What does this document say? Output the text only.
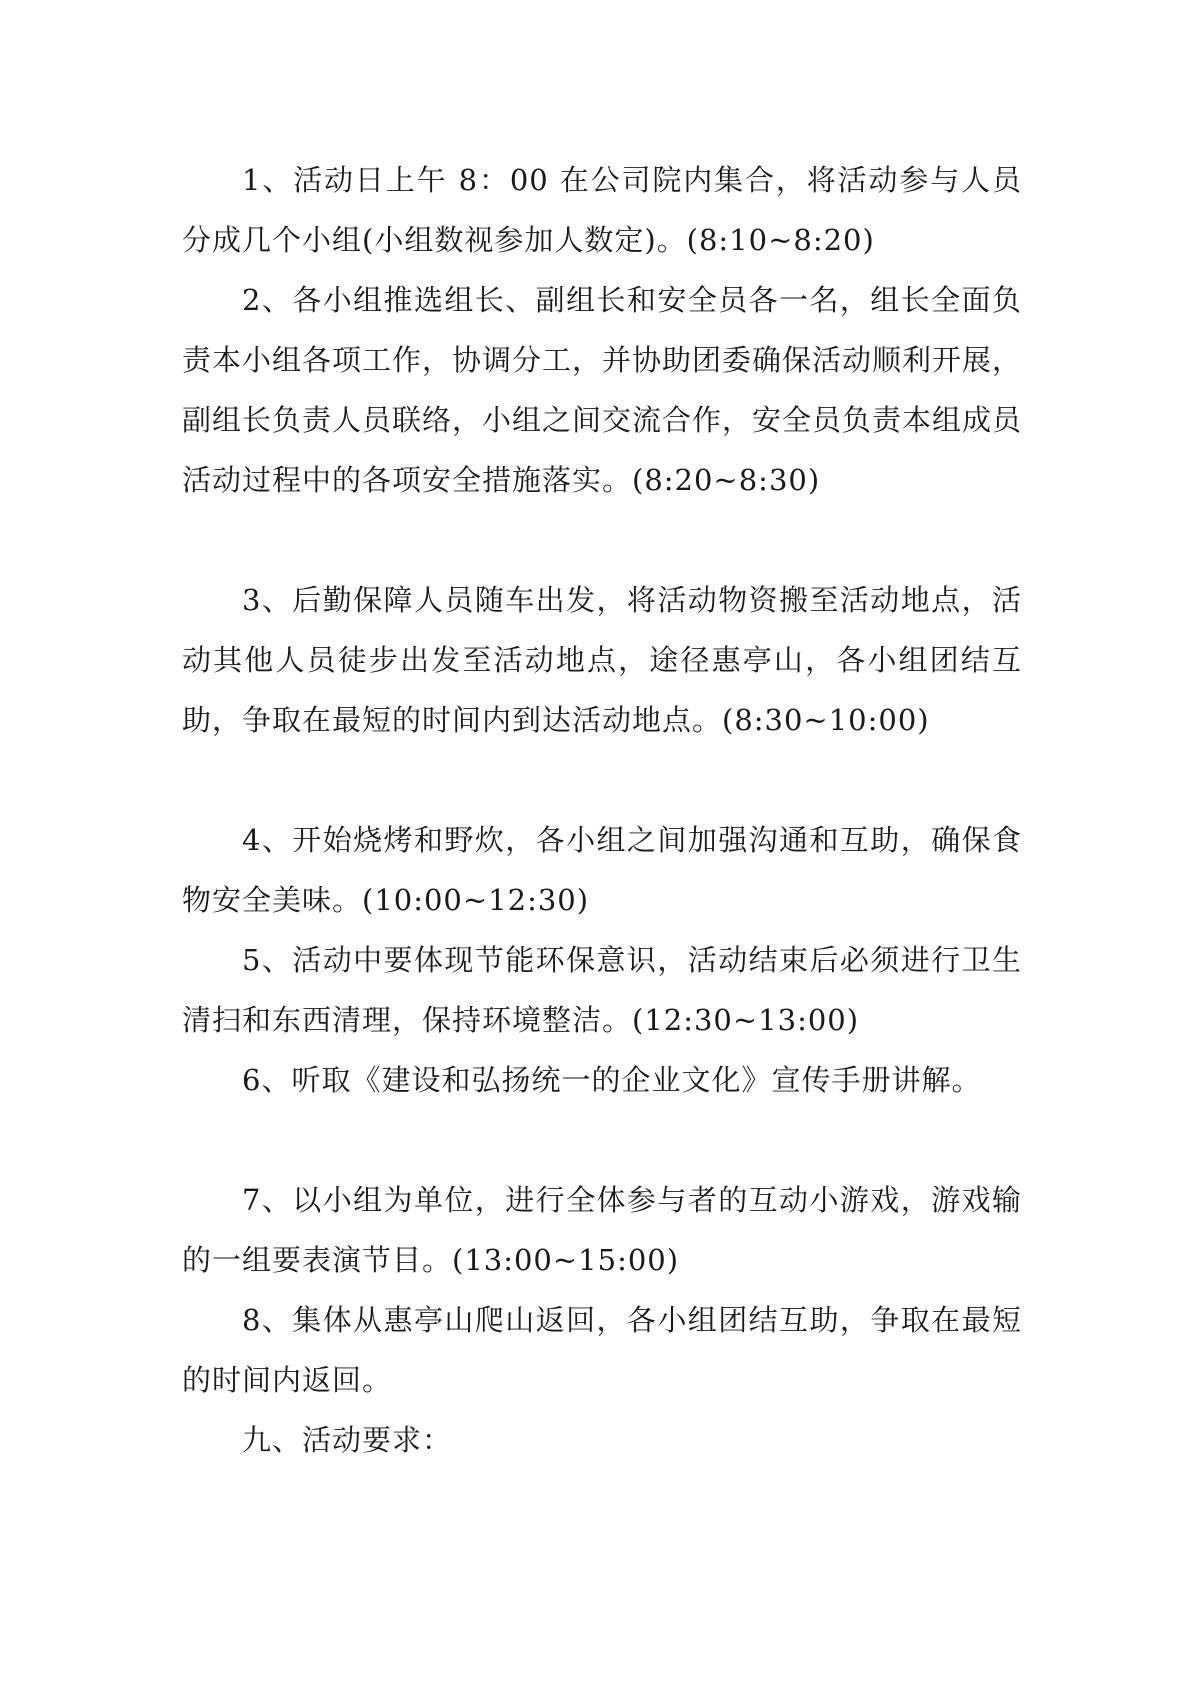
1、活动日上午 8：00 在公司院内集合，将活动参与人员分成几个小组(小组数视参加人数定)。(8:10~8:20)

2、各小组推选组长、副组长和安全员各一名，组长全面负责本小组各项工作，协调分工，并协助团委确保活动顺利开展，副组长负责人员联络，小组之间交流合作，安全员负责本组成员活动过程中的各项安全措施落实。(8:20~8:30)

3、后勤保障人员随车出发，将活动物资搬至活动地点，活动其他人员徒步出发至活动地点，途径惠亭山，各小组团结互助，争取在最短的时间内到达活动地点。(8:30~10:00)

4、开始烧烤和野炊，各小组之间加强沟通和互助，确保食物安全美味。(10:00~12:30)

5、活动中要体现节能环保意识，活动结束后必须进行卫生清扫和东西清理，保持环境整洁。(12:30~13:00)

6、听取《建设和弘扬统一的企业文化》宣传手册讲解。

7、以小组为单位，进行全体参与者的互动小游戏，游戏输的一组要表演节目。(13:00~15:00)

8、集体从惠亭山爬山返回，各小组团结互助，争取在最短的时间内返回。

九、活动要求：
